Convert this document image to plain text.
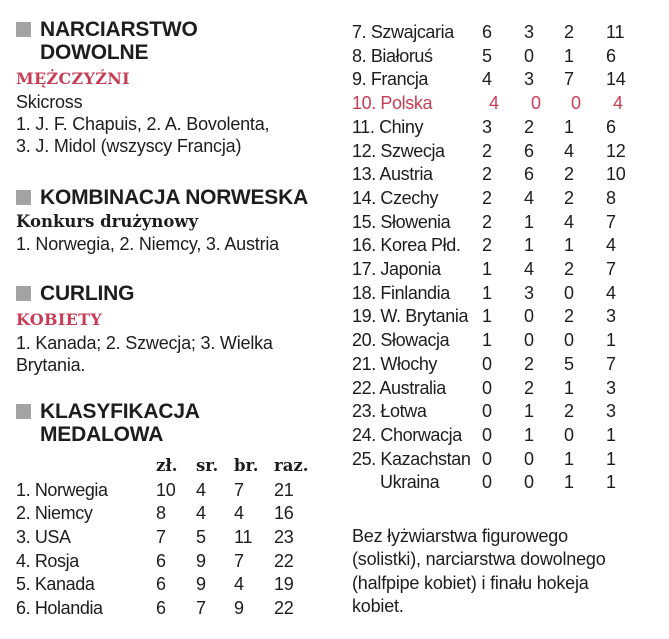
NARCIARSTWO
DOWOLNE
MĘŻCZYŹNI
Skicross
1. J. F. Chapuis, 2. A. Bovolenta,
3. J. Midol (wszyscy Francja)
KOMBINACJA NORWESKA
Konkurs drużynowy
1. Norwegia, 2. Niemcy, 3. Austria
CURLING
KOBIETY
1. Kanada; 2. Szwecja; 3. Wielka
Brytania.
KLASYFIKACJA
MEDALOWA
zł.	sr. br. raz.
1. Norwegia	10	4	7	21
2. Niemcy	8	4	4	16
3. USA	7	5	11	23
4. Rosja	6	9	7	22
5. Kanada	6	9	4	19
6. Holandia	6	7	9	22
7. Szwajcaria	6	3	2	11
8. Białoruś	5	0	1	6
9. Francja	4	3	7	14
10. Polska	4	0	0	4
11. Chiny	3	2	1	6
12. Szwecja	2	6	4	12
13. Austria	2	6	2	10
14. Czechy	2	4	2	8
15. Słowenia	2	1	4	7
16. Korea Płd.	2	1	1	4
17. Japonia	1	4	2	7
18. Finlandia	1	3	0	4
19. W. Brytania 1	0	2	3
20. Słowacja	1	0	0	1
21. Włochy	0	2	5	7
22. Australia	0	2	1	3
23. Łotwa	0	1	2	3
24. Chorwacja	0	1	0	1
25. Kazachstan 0	0	1	1
Ukraina	0	0	1	1
Bez łyżwiarstwa figurowego
(solistki), narciarstwa dowolnego
(halfpipe kobiet) i finału hokeja
kobiet.
